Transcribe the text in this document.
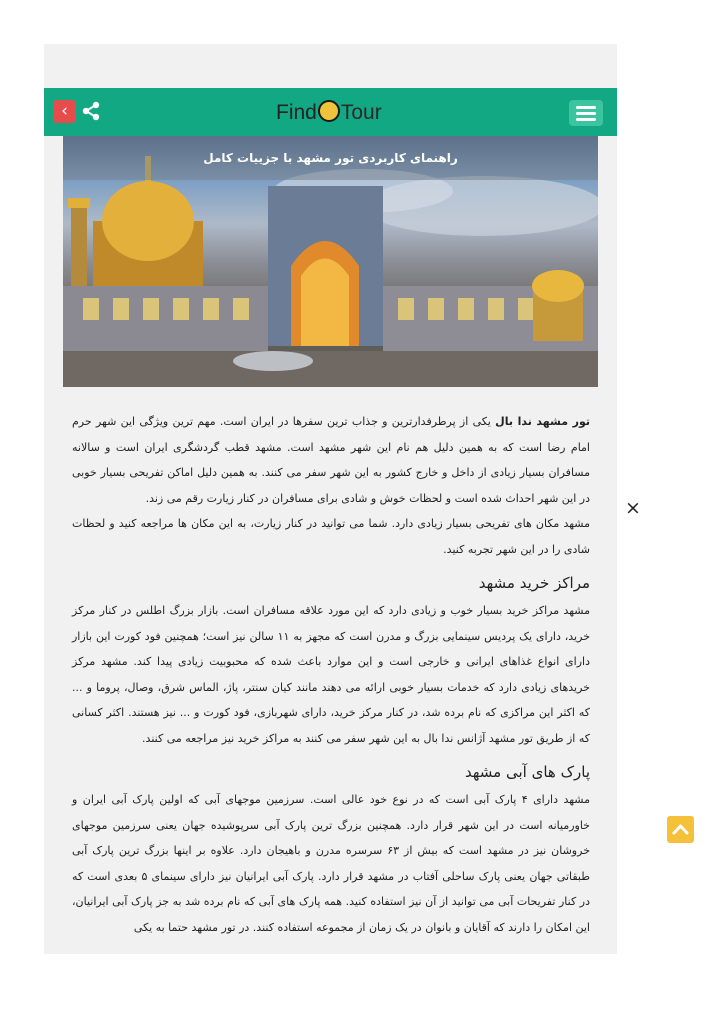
‹	Find Tour
راهنمای کاربردی تور مشهد با جزییات کامل

تور مشهد ندا بال یکی از پرطرفدارترین و جذاب ترین سفرها در ایران است. مهم ترین ویژگی این شهر حرم امام رضا است که به همین دلیل هم نام این شهر مشهد است. مشهد قطب گردشگری ایران است و سالانه مسافران بسیار زیادی از داخل و خارج کشور به این شهر سفر می کنند. به همین دلیل اماکن تفریحی بسیار خوبی در این شهر احداث شده است و لحظات خوش و شادی برای مسافران در کنار زیارت رقم می زند.

مشهد مکان های تفریحی بسیار زیادی دارد. شما می توانید در کنار زیارت، به این مکان ها مراجعه کنید و لحظات شادی را در این شهر تجربه کنید.

مراکز خرید مشهد

مشهد مراکز خرید بسیار خوب و زیادی دارد که این مورد علاقه مسافران است. بازار بزرگ اطلس در کنار مرکز خرید، دارای یک پردیس سینمایی بزرگ و مدرن است که مجهز به ۱۱ سالن نیز است؛ همچنین فود کورت این بازار دارای انواع غذاهای ایرانی و خارجی است و این موارد باعث شده که محبوبیت زیادی پیدا کند. مشهد مرکز خریدهای زیادی دارد که خدمات بسیار خوبی ارائه می دهند مانند کیان سنتر، پاژ، الماس شرق، وصال، پروما و ... که اکثر این مراکزی که نام برده شد، در کنار مرکز خرید، دارای شهربازی، فود کورت و ... نیز هستند. اکثر کسانی که از طریق تور مشهد آژانس ندا بال به این شهر سفر می کنند به مراکز خرید نیز مراجعه می کنند.

پارک های آبی مشهد

مشهد دارای ۴ پارک آبی است که در نوع خود عالی است. سرزمین موجهای آبی که اولین پارک آبی ایران و خاورمیانه است در این شهر قرار دارد. همچنین بزرگ ترین پارک آبی سرپوشیده جهان یعنی سرزمین موجهای خروشان نیز در مشهد است که بیش از ۶۳ سرسره مدرن و باهیجان دارد. علاوه بر اینها بزرگ ترین پارک آبی طبقاتی جهان یعنی پارک ساحلی آفتاب در مشهد قرار دارد. پارک آبی ایرانیان نیز دارای سینمای ۵ بعدی است که در کنار تفریحات آبی می توانید از آن نیز استفاده کنید. همه پارک های آبی که نام برده شد به جز پارک آبی ایرانیان، این امکان را دارند که آقایان و بانوان در یک زمان از مجموعه استفاده کنند. در تور مشهد حتما به یکی

×
